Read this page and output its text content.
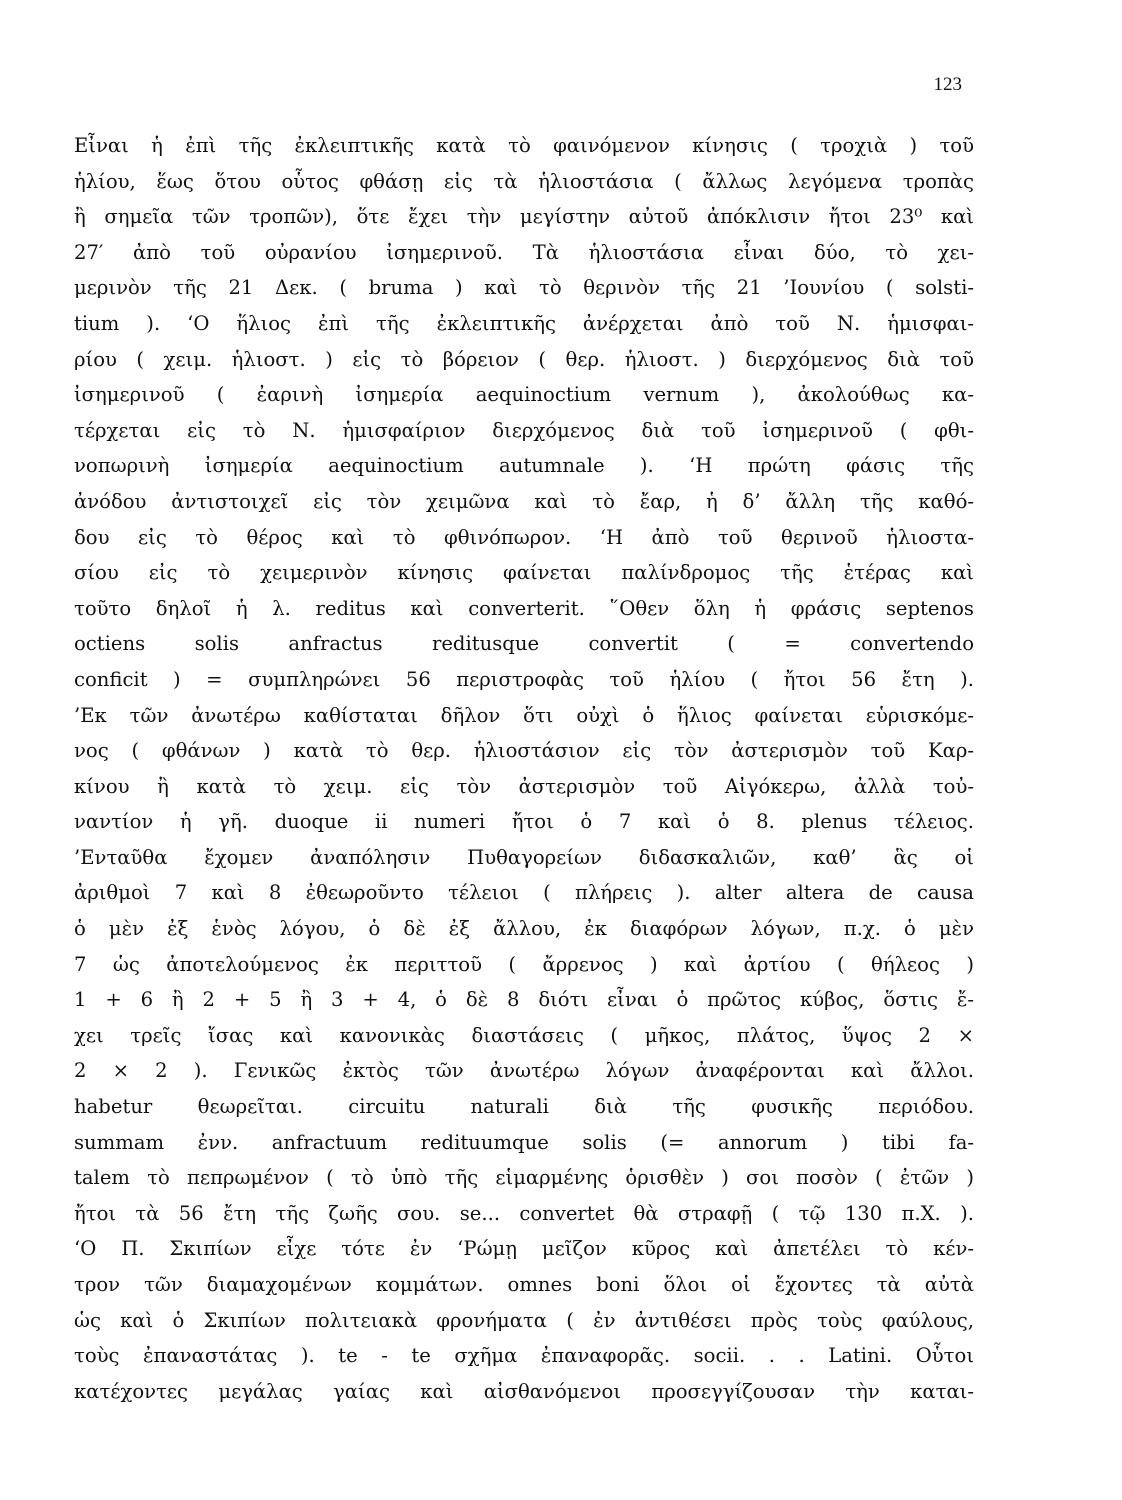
123
Εἶναι ἡ ἐπὶ τῆς ἐκλειπτικῆς κατὰ τὸ φαινόμενον κίνησις ( τροχιὰ ) τοῦ
ἡλίου, ἕως ὅτου οὗτος φθάσῃ εἰς τὰ ἡλιοστάσια ( ἄλλως λεγόμενα τροπὰς
ἢ σημεῖα τῶν τροπῶν), ὅτε ἔχει τὴν μεγίστην αὐτοῦ ἀπόκλισιν ἤτοι 23⁰ καὶ
27′ ἀπὸ τοῦ οὐρανίου ἰσημερινοῦ. Τὰ ἡλιοστάσια εἶναι δύο, τὸ χει-
μερινὸν τῆς 21 Δεκ. ( bruma ) καὶ τὸ θερινὸν τῆς 21 ’Ιουνίου ( solsti-
tium ). ‘Ο ἥλιος ἐπὶ τῆς ἐκλειπτικῆς ἀνέρχεται ἀπὸ τοῦ Ν. ἡμισφαι-
ρίου ( χειμ. ἡλιοστ. ) εἰς τὸ βόρειον ( θερ. ἡλιοστ. ) διερχόμενος διὰ τοῦ
ἰσημερινοῦ ( ἐαρινὴ ἰσημερία aequinoctium vernum ), ἀκολούθως κα-
τέρχεται εἰς τὸ Ν. ἡμισφαίριον διερχόμενος διὰ τοῦ ἰσημερινοῦ ( φθι-
νοπωρινὴ ἰσημερία aequinoctium autumnale ). ‘Η πρώτη φάσις τῆς
ἀνόδου ἀντιστοιχεῖ εἰς τὸν χειμῶνα καὶ τὸ ἔαρ, ἡ δ’ ἄλλη τῆς καθό-
δου εἰς τὸ θέρος καὶ τὸ φθινόπωρον. ‘Η ἀπὸ τοῦ θερινοῦ ἡλιοστα-
σίου εἰς τὸ χειμερινὸν κίνησις φαίνεται παλίνδρομος τῆς ἑτέρας καὶ
τοῦτο δηλοῖ ἡ λ. reditus καὶ converterit. ῞Οθεν ὅλη ἡ φράσις septenos
octiens solis anfractus reditusque convertit ( = convertendo
conficit ) = συμπληρώνει 56 περιστροφὰς τοῦ ἡλίου ( ἤτοι 56 ἔτη ).
’Εκ τῶν ἀνωτέρω καθίσταται δῆλον ὅτι οὐχὶ ὁ ἥλιος φαίνεται εὑρισκόμε-
νος ( φθάνων ) κατὰ τὸ θερ. ἡλιοστάσιον εἰς τὸν ἀστερισμὸν τοῦ Καρ-
κίνου ἢ κατὰ τὸ χειμ. εἰς τὸν ἀστερισμὸν τοῦ Αἰγόκερω, ἀλλὰ τοὐ-
ναντίον ἡ γῆ. duoque ii numeri ἤτοι ὁ 7 καὶ ὁ 8. plenus τέλειος.
’Ενταῦθα ἔχομεν ἀναπόλησιν Πυθαγορείων διδασκαλιῶν, καθ’ ἃς οἱ
ἀριθμοὶ 7 καὶ 8 ἐθεωροῦντο τέλειοι ( πλήρεις ). alter altera de causa
ὁ μὲν ἐξ ἑνὸς λόγου, ὁ δὲ ἐξ ἄλλου, ἐκ διαφόρων λόγων, π.χ. ὁ μὲν
7 ὡς ἀποτελούμενος ἐκ περιττοῦ ( ἄρρενος ) καὶ ἀρτίου ( θήλεος )
1 + 6 ἢ 2 + 5 ἢ 3 + 4, ὁ δὲ 8 διότι εἶναι ὁ πρῶτος κύβος, ὅστις ἔ-
χει τρεῖς ἴσας καὶ κανονικὰς διαστάσεις ( μῆκος, πλάτος, ὕψος 2 ×
2 × 2 ). Γενικῶς ἐκτὸς τῶν ἀνωτέρω λόγων ἀναφέρονται καὶ ἄλλοι.
habetur θεωρεῖται. circuitu naturali διὰ τῆς φυσικῆς περιόδου.
summam ἐνν. anfractuum redituumque solis (= annorum ) tibi fa-
talem τὸ πεπρωμένον ( τὸ ὑπὸ τῆς εἱμαρμένης ὁρισθὲν ) σοι ποσὸν ( ἐτῶν )
ἤτοι τὰ 56 ἔτη τῆς ζωῆς σου. se... convertet θὰ στραφῇ ( τῷ 130 π.Χ. ).
‘Ο Π. Σκιπίων εἶχε τότε ἐν ‘Ρώμῃ μεῖζον κῦρος καὶ ἀπετέλει τὸ κέν-
τρον τῶν διαμαχομένων κομμάτων. omnes boni ὅλοι οἱ ἔχοντες τὰ αὐτὰ
ὡς καὶ ὁ Σκιπίων πολιτειακὰ φρονήματα ( ἐν ἀντιθέσει πρὸς τοὺς φαύλους,
τοὺς ἐπαναστάτας ). te - te σχῆμα ἐπαναφορᾶς. socii. . . Latini. Οὗτοι
κατέχοντες μεγάλας γαίας καὶ αἰσθανόμενοι προσεγγίζουσαν τὴν καται-
